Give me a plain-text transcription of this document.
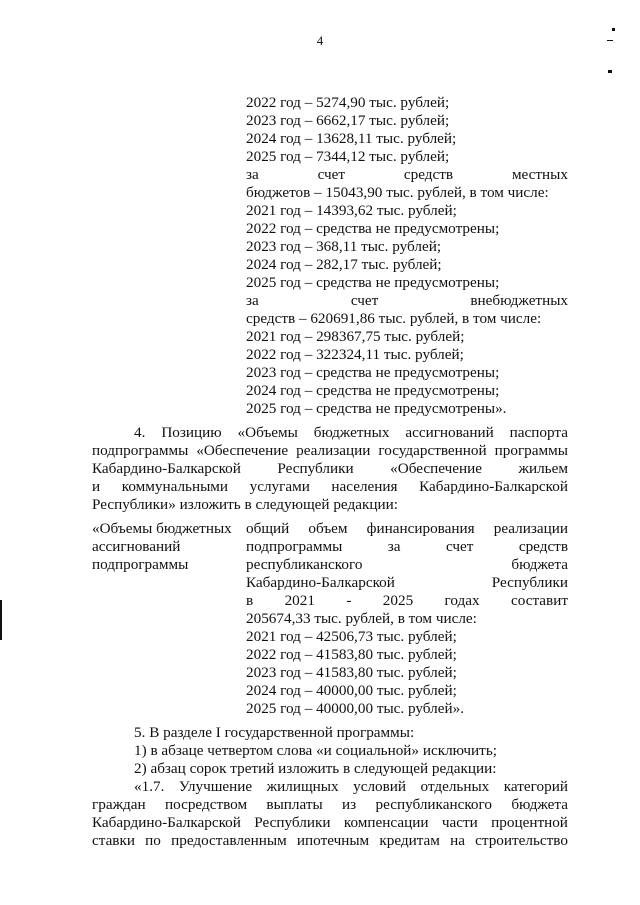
4
2022 год – 5274,90 тыс. рублей;
2023 год – 6662,17 тыс. рублей;
2024 год – 13628,11 тыс. рублей;
2025 год – 7344,12 тыс. рублей;
за	счет	средств	местных
бюджетов – 15043,90 тыс. рублей, в том числе:
2021 год – 14393,62 тыс. рублей;
2022 год – средства не предусмотрены;
2023 год – 368,11 тыс. рублей;
2024 год – 282,17 тыс. рублей;
2025 год – средства не предусмотрены;
за	счет	внебюджетных
средств – 620691,86 тыс. рублей, в том числе:
2021 год – 298367,75 тыс. рублей;
2022 год – 322324,11 тыс. рублей;
2023 год – средства не предусмотрены;
2024 год – средства не предусмотрены;
2025 год – средства не предусмотрены».
4. Позицию «Объемы бюджетных ассигнований паспорта
подпрограммы «Обеспечение реализации государственной программы
Кабардино-Балкарской Республики «Обеспечение жильем
и коммунальными услугами населения Кабардино-Балкарской
Республики» изложить в следующей редакции:
«Объемы бюджетных
ассигнований
подпрограммы
общий объем финансирования реализации
подпрограммы	за	счет	средств
республиканского	бюджета
Кабардино-Балкарской	Республики
в 2021 - 2025 годах составит
205674,33 тыс. рублей, в том числе:
2021 год – 42506,73 тыс. рублей;
2022 год – 41583,80 тыс. рублей;
2023 год – 41583,80 тыс. рублей;
2024 год – 40000,00 тыс. рублей;
2025 год – 40000,00 тыс. рублей».
5. В разделе I государственной программы:
1) в абзаце четвертом слова «и социальной» исключить;
2) абзац сорок третий изложить в следующей редакции:
«1.7. Улучшение жилищных условий отдельных категорий
граждан посредством выплаты из республиканского бюджета
Кабардино-Балкарской Республики компенсации части процентной
ставки по предоставленным ипотечным кредитам на строительство
